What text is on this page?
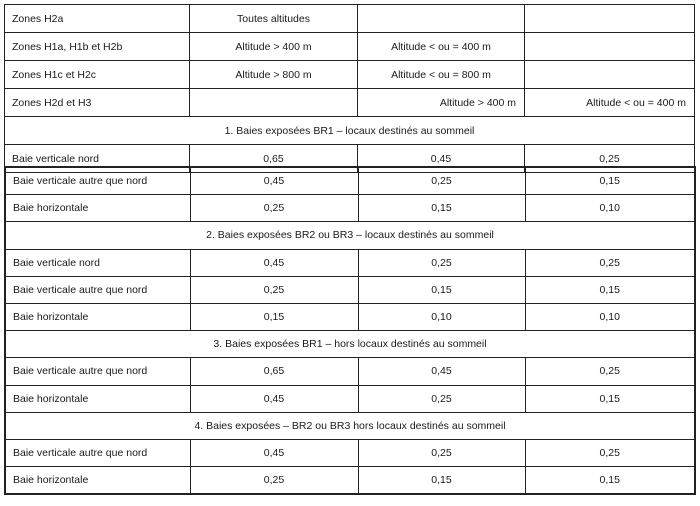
Zones H2a	Toutes altitudes		
Zones H1a, H1b et H2b	Altitude > 400 m	Altitude < ou = 400 m	
Zones H1c et H2c	Altitude > 800 m	Altitude < ou = 800 m	
Zones H2d et H3		Altitude > 400 m	Altitude < ou = 400 m
1. Baies exposées BR1 – locaux destinés au sommeil			
Baie verticale nord	0,65	0,45	0,25
Baie verticale autre que nord	0,45	0,25	0,15
Baie horizontale	0,25	0,15	0,10
2. Baies exposées BR2 ou BR3 – locaux destinés au sommeil			
Baie verticale nord	0,45	0,25	0,25
Baie verticale autre que nord	0,25	0,15	0,15
Baie horizontale	0,15	0,10	0,10
3. Baies exposées BR1 – hors locaux destinés au sommeil			
Baie verticale autre que nord	0,65	0,45	0,25
Baie horizontale	0,45	0,25	0,15
4. Baies exposées – BR2 ou BR3 hors locaux destinés au sommeil			
Baie verticale autre que nord	0,45	0,25	0,25
Baie horizontale	0,25	0,15	0,15
